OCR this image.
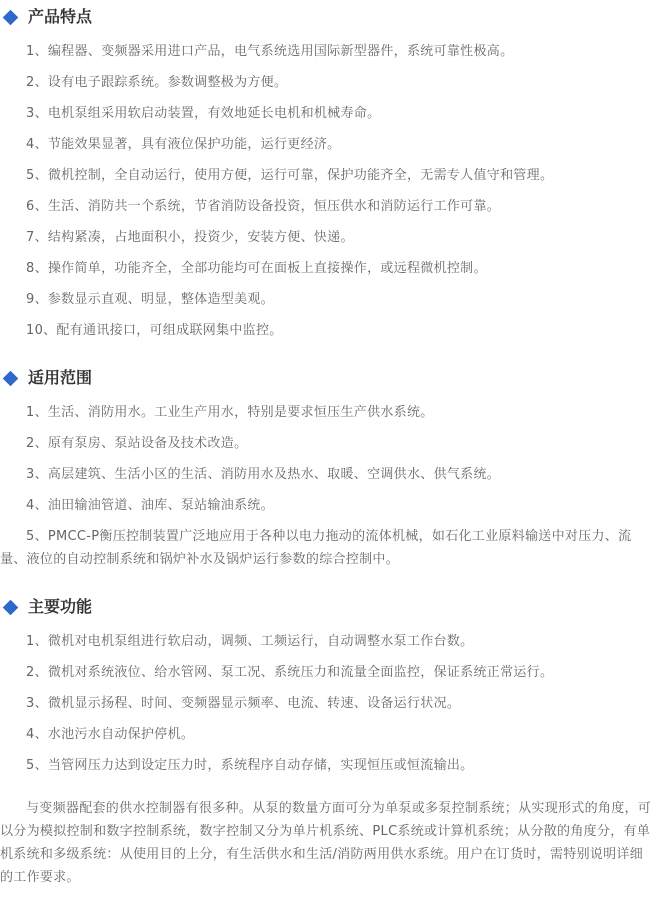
产品特点

1、编程器、变频器采用进口产品，电气系统选用国际新型器件，系统可靠性极高。

2、设有电子跟踪系统。参数调整极为方便。

3、电机泵组采用软启动装置，有效地延长电机和机械寿命。

4、节能效果显著，具有液位保护功能，运行更经济。

5、微机控制，全自动运行，使用方便，运行可靠，保护功能齐全，无需专人值守和管理。

6、生活、消防共一个系统，节省消防设备投资，恒压供水和消防运行工作可靠。

7、结构紧凑，占地面积小，投资少，安装方便、快递。

8、操作简单，功能齐全，全部功能均可在面板上直接操作，或远程微机控制。

9、参数显示直观、明显，整体造型美观。

10、配有通讯接口，可组成联网集中监控。

适用范围

1、生活、消防用水。工业生产用水，特别是要求恒压生产供水系统。

2、原有泵房、泵站设备及技术改造。

3、高层建筑、生活小区的生活、消防用水及热水、取暖、空调供水、供气系统。

4、油田输油管道、油库、泵站输油系统。

5、PMCC-P衡压控制装置广泛地应用于各种以电力拖动的流体机械，如石化工业原料输送中对压力、流量、液位的自动控制系统和锅炉补水及锅炉运行参数的综合控制中。

主要功能

1、微机对电机泵组进行软启动，调频、工频运行，自动调整水泵工作台数。

2、微机对系统液位、给水管网、泵工况、系统压力和流量全面监控，保证系统正常运行。

3、微机显示扬程、时间、变频器显示频率、电流、转速、设备运行状况。

4、水池污水自动保护停机。

5、当管网压力达到设定压力时，系统程序自动存储，实现恒压或恒流输出。

与变频器配套的供水控制器有很多种。从泵的数量方面可分为单泵或多泵控制系统；从实现形式的角度，可以分为模拟控制和数字控制系统，数字控制又分为单片机系统、PLC系统或计算机系统；从分散的角度分，有单机系统和多级系统：从使用目的上分，有生活供水和生活/消防两用供水系统。用户在订货时，需特别说明详细的工作要求。
